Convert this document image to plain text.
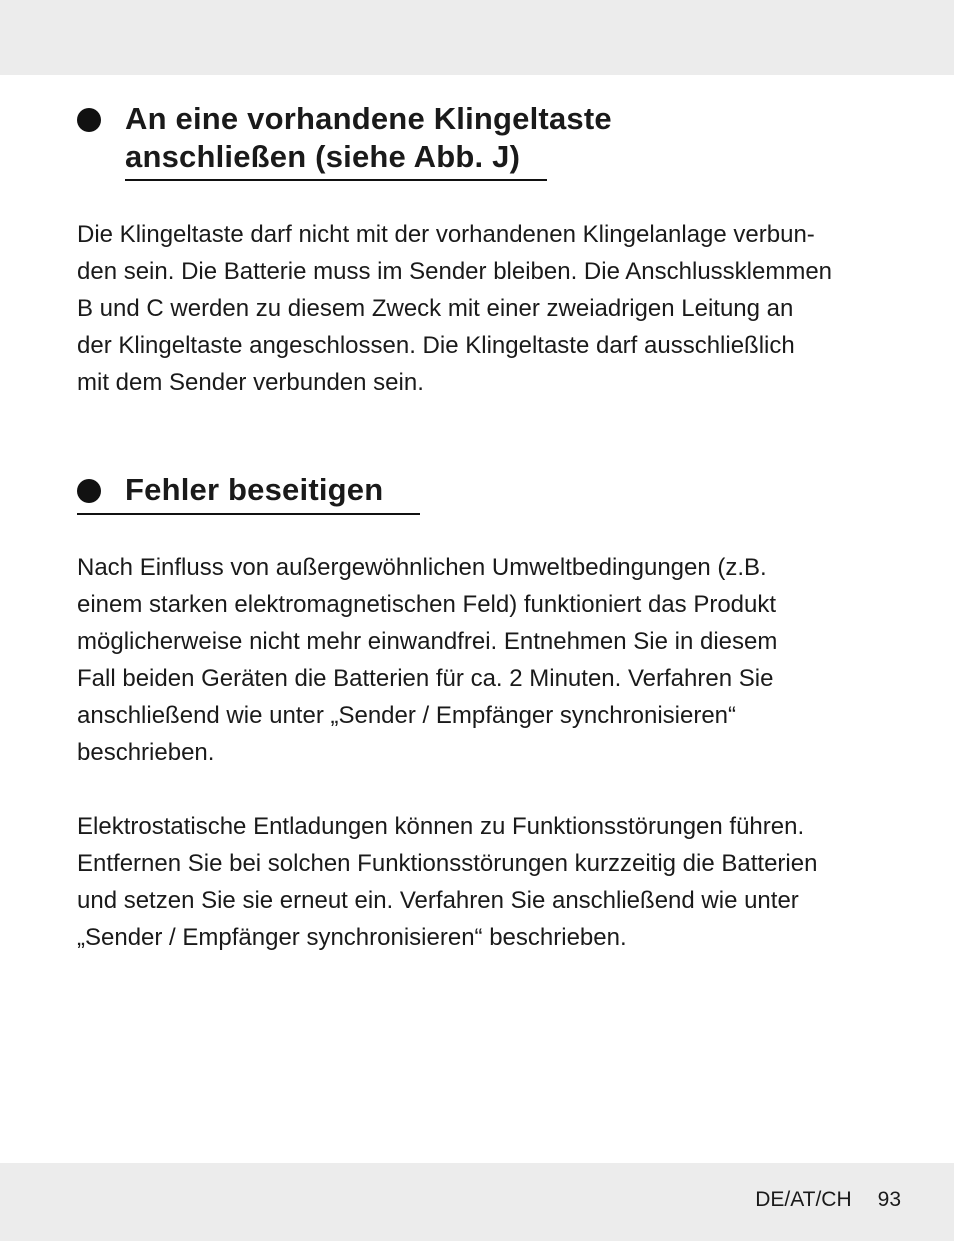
An eine vorhandene Klingeltaste
anschließen (siehe Abb. J)
Die Klingeltaste darf nicht mit der vorhandenen Klingelanlage verbun-
den sein. Die Batterie muss im Sender bleiben. Die Anschlussklemmen
B und C werden zu diesem Zweck mit einer zweiadrigen Leitung an
der Klingeltaste angeschlossen. Die Klingeltaste darf ausschließlich
mit dem Sender verbunden sein.
Fehler beseitigen
Nach Einfluss von außergewöhnlichen Umweltbedingungen (z.B.
einem starken elektromagnetischen Feld) funktioniert das Produkt
möglicherweise nicht mehr einwandfrei. Entnehmen Sie in diesem
Fall beiden Geräten die Batterien für ca. 2 Minuten. Verfahren Sie
anschließend wie unter „Sender / Empfänger synchronisieren“
beschrieben.
Elektrostatische Entladungen können zu Funktionsstörungen führen.
Entfernen Sie bei solchen Funktionsstörungen kurzzeitig die Batterien
und setzen Sie sie erneut ein. Verfahren Sie anschließend wie unter
„Sender / Empfänger synchronisieren“ beschrieben.
DE/AT/CH 93
